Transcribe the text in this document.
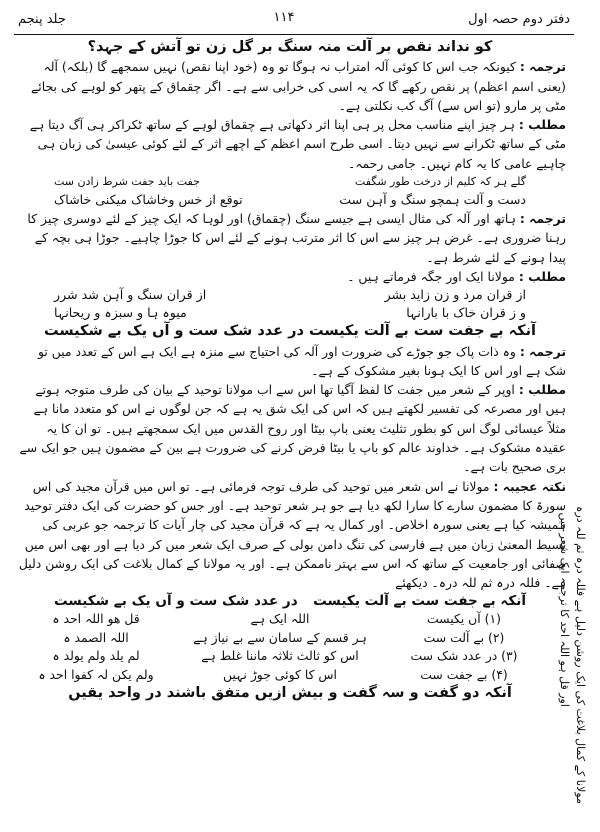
جلد پنجم	۱۱۴	دفتر دوم حصہ اول

کو نداند نقص بر آلت منہ سنگ بر گل زن تو آتش کے جہد؟

ترجمہ : کیونکہ جب اس کا کوئی آلہ امتراب نہ ہوگا تو وہ (خود اپنا نقص) نہیں سمجھے گا (بلکہ) آلہ (یعنی اسم اعظم) پر نقص رکھے گا کہ یہ اسی کی خرابی سے ہے۔ اگر چقماق کے پتھر کو لوہے کی بجائے مٹی پر مارو (تو اس سے) آگ کب نکلتی ہے۔

مطلب : ہر چیز اپنے مناسب محل پر ہی اپنا اثر دکھاتی ہے چقماق لوہے کے ساتھ ٹکراکر ہی آگ دیتا ہے مٹی کے ساتھ ٹکرانے سے نہیں دیتا۔ اسی طرح اسم اعظم کے اچھے اثر کے لئے کوئی عیسیٰ کی زبان ہی چاہیے عامی کا یہ کام نہیں۔ جامی رحمہ۔

گلے ہر کہ کلیم از درخت طور شگفت
جفت باید جفت شرط زادن ست
دست و آلت ہمچو سنگ و آہن ست
توقع از خس وخاشاک میکنی خاشاک

ترجمہ : ہاتھ اور آلہ کی مثال ایسی ہے جیسے سنگ (چقماق) اور لوہا کہ ایک چیز کے لئے دوسری چیز کا رہنا ضروری ہے۔ غرض ہر چیز سے اس کا اثر مترتب ہونے کے لئے اس کا جوڑا چاہیے۔ جوڑا ہی بچہ کے پیدا ہونے کے لئے شرط ہے۔

مطلب : مولانا ایک اور جگہ فرماتے ہیں ۔

از قران مرد و زن زاید بشر
از قران سنگ و آہن شد شرر
و ز قران خاک با بارانہا
میوہ ہا و سبزہ و ریحانہا

آنکہ بے جفت ست بے آلت یکیست در عدد شک ست و آں یک بے شکیست

ترجمہ : وہ ذات پاک جو جوڑے کی ضرورت اور آلہ کی احتیاج سے منزہ ہے ایک ہے اس کے تعدد میں تو شک ہے اور اس کا ایک ہونا بغیر مشکوک کے ہے۔

مطلب : اوپر کے شعر میں جفت کا لفظ آگیا تھا اس سے اب مولانا توحید کے بیان کی طرف متوجہ ہوتے ہیں اور مصرعہ کی تفسیر لکھتے ہیں کہ اس کی ایک شق یہ ہے کہ جن لوگوں نے اس کو متعدد مانا ہے مثلاً عیسائی لوگ اس کو بطور تثلیث یعنی باپ بیٹا اور روح القدس میں ایک سمجھتے ہیں۔ تو ان کا یہ عقیدہ مشکوک ہے۔ خداوند عالم کو باپ یا بیٹا فرض کرنے کی ضرورت ہے بین کے مضمون ہیں جو ایک سے بری صحیح بات ہے۔

نکتہ عجیبہ : مولانا نے اس شعر میں توحید کی طرف توجہ فرمائی ہے۔ تو اس میں قرآن مجید کی اس سورۃ کا مضمون سارے کا سارا لکھ دیا ہے جو ہر شعر توحید ہے۔ اور جس کو حضرت کی ایک دفتر توحید ہمیشہ کیا ہے یعنی سورہ اخلاص۔ اور کمال یہ ہے کہ قرآن مجید کی چار آیات کا ترجمہ جو عربی کی بسیط المعنیٰ زبان میں ہے فارسی کی تنگ دامن بولی کے صرف ایک شعر میں کر دیا ہے اور بھی اس میں صفائی اور جامعیت کے ساتھ کہ اس سے بہتر ناممکن ہے۔ اور یہ مولانا کے کمال بلاغت کی ایک روشن دلیل ہے۔ فللہ درہ ثم للہ درہ۔ دیکھئے

آنکہ بے جفت ست بے آلت یکیست
در عدد شک ست و آں یک بے شکیست
(۱) آں یکیست
اللہ ایک ہے
قل ھو اللہ احد ہ
(۲) بے آلت ست
ہر قسم کے سامان سے بے نیاز ہے
اللہ الصمد ہ
(۳) در عدد شک ست
اس کو ثالث ثلاثہ ماننا غلط ہے
لم یلد ولم یولد ہ
(۴) بے جفت ست
اس کا کوئی جوڑ نہیں
ولم یکن لہ کفوا احد ہ

آنکہ دو گفت و سہ گفت و بیش ازیں متفق باشند در واحد یقیں	مولانا کے کمال بلاغت کی ایک روشن دلیل ہے فللہ درہ ثم للہ درہ اور قل ہو اللہ احد کا ترجمہ ایک شعر میں۔
